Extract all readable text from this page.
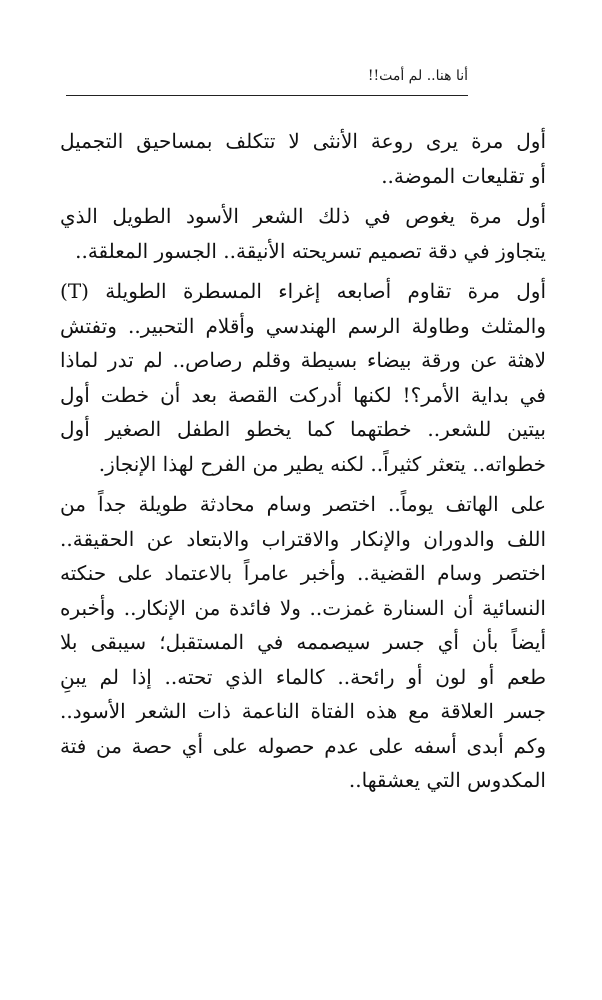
أنا هنا.. لم أمت!!

أول مرة يرى روعة الأنثى لا تتكلف بمساحيق التجميل
أو تقليعات الموضة..

أول مرة يغوص في ذلك الشعر الأسود الطويل الذي
يتجاوز في دقة تصميم تسريحته الأنيقة.. الجسور المعلقة..

أول مرة تقاوم أصابعه إغراء المسطرة الطويلة (T)
والمثلث وطاولة الرسم الهندسي وأقلام التحبير.. وتفتش
لاهثة عن ورقة بيضاء بسيطة وقلم رصاص.. لم تدر لماذا
في بداية الأمر؟! لكنها أدركت القصة بعد أن خطت أول
بيتين للشعر.. خطتهما كما يخطو الطفل الصغير أول
خطواته.. يتعثر كثيراً.. لكنه يطير من الفرح لهذا الإنجاز.

على الهاتف يوماً.. اختصر وسام محادثة طويلة جداً من
اللف والدوران والإنكار والاقتراب والابتعاد عن الحقيقة..
اختصر وسام القضية.. وأخبر عامراً بالاعتماد على حنكته
النسائية أن السنارة غمزت.. ولا فائدة من الإنكار.. وأخبره
أيضاً بأن أي جسر سيصممه في المستقبل؛ سيبقى بلا
طعم أو لون أو رائحة.. كالماء الذي تحته.. إذا لم يبنِ
جسر العلاقة مع هذه الفتاة الناعمة ذات الشعر الأسود..
وكم أبدى أسفه على عدم حصوله على أي حصة من فتة
المكدوس التي يعشقها..
